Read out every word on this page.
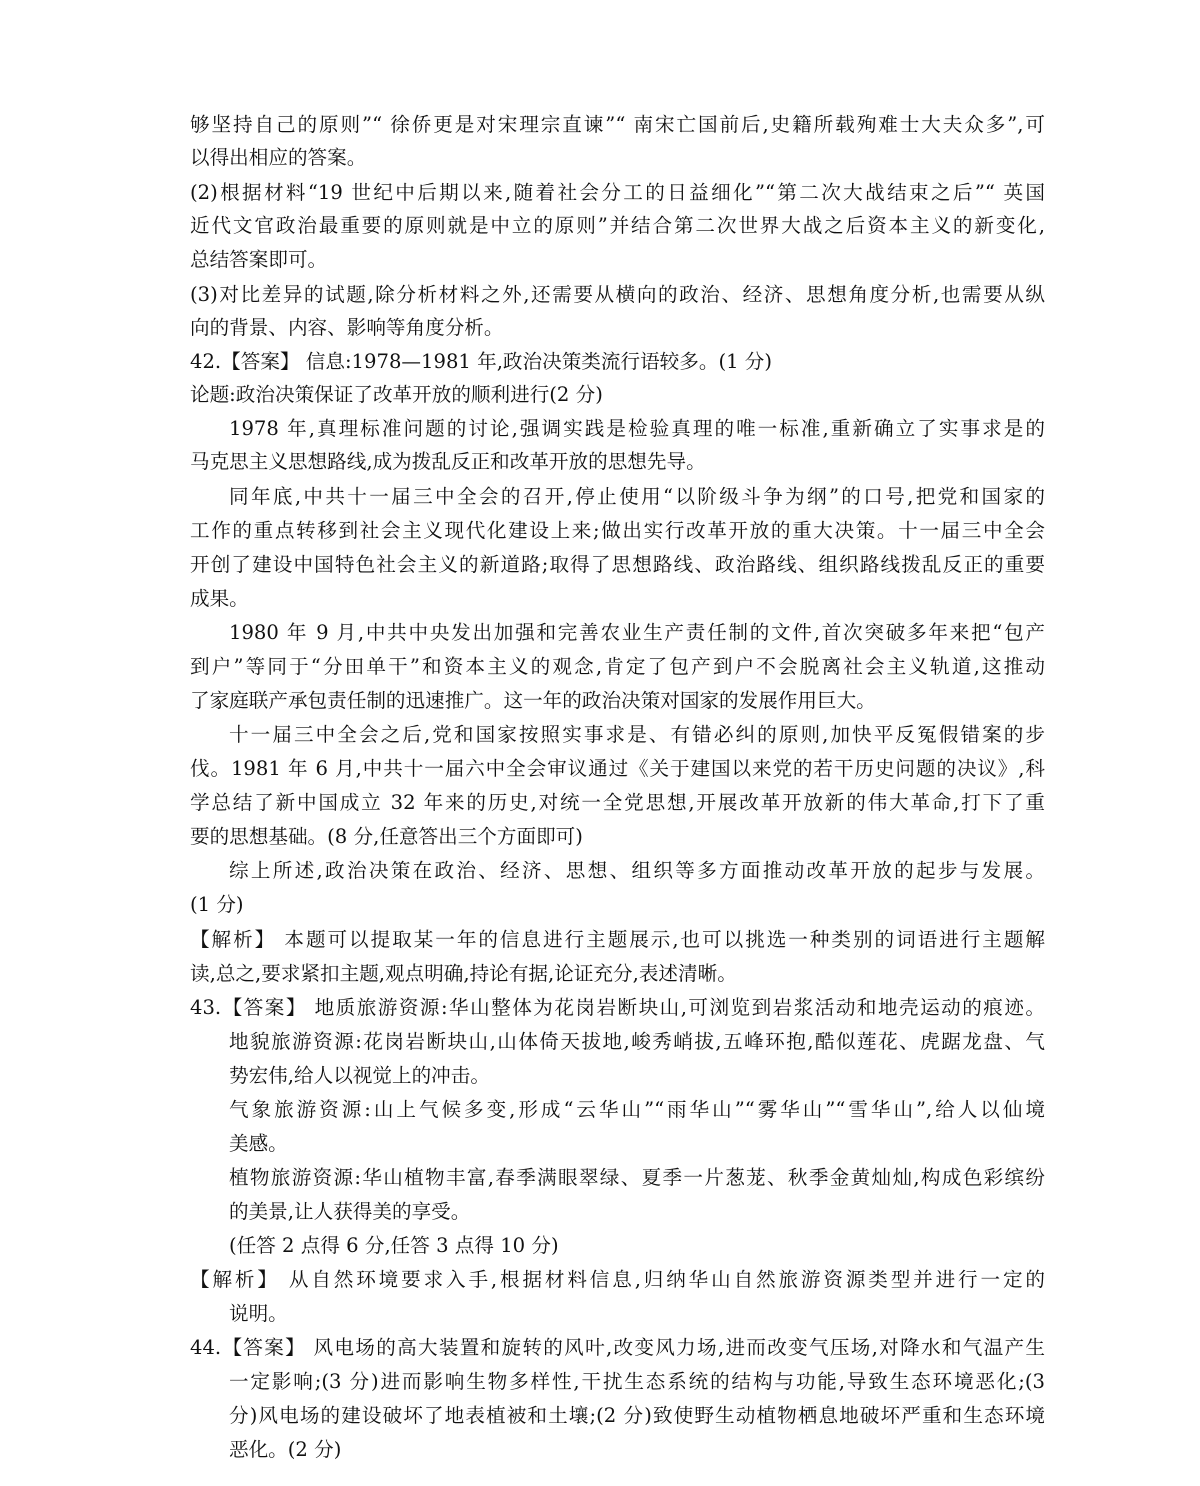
够坚持自己的原则”“ 徐侨更是对宋理宗直谏”“ 南宋亡国前后,史籍所载殉难士大夫众多”,可
以得出相应的答案。
(2)根据材料“19 世纪中后期以来,随着社会分工的日益细化”“第二次大战结束之后”“ 英国
近代文官政治最重要的原则就是中立的原则”并结合第二次世界大战之后资本主义的新变化,
总结答案即可。
(3)对比差异的试题,除分析材料之外,还需要从横向的政治、经济、思想角度分析,也需要从纵
向的背景、内容、影响等角度分析。
42.【答案】 信息:1978—1981 年,政治决策类流行语较多。(1 分)
论题:政治决策保证了改革开放的顺利进行(2 分)
1978 年,真理标准问题的讨论,强调实践是检验真理的唯一标准,重新确立了实事求是的
马克思主义思想路线,成为拨乱反正和改革开放的思想先导。
同年底,中共十一届三中全会的召开,停止使用“以阶级斗争为纲”的口号,把党和国家的
工作的重点转移到社会主义现代化建设上来;做出实行改革开放的重大决策。十一届三中全会
开创了建设中国特色社会主义的新道路;取得了思想路线、政治路线、组织路线拨乱反正的重要
成果。
1980 年 9 月,中共中央发出加强和完善农业生产责任制的文件,首次突破多年来把“包产
到户”等同于“分田单干”和资本主义的观念,肯定了包产到户不会脱离社会主义轨道,这推动
了家庭联产承包责任制的迅速推广。这一年的政治决策对国家的发展作用巨大。
十一届三中全会之后,党和国家按照实事求是、有错必纠的原则,加快平反冤假错案的步
伐。1981 年 6 月,中共十一届六中全会审议通过《关于建国以来党的若干历史问题的决议》,科
学总结了新中国成立 32 年来的历史,对统一全党思想,开展改革开放新的伟大革命,打下了重
要的思想基础。(8 分,任意答出三个方面即可)
综上所述,政治决策在政治、经济、思想、组织等多方面推动改革开放的起步与发展。
(1 分)
【解析】 本题可以提取某一年的信息进行主题展示,也可以挑选一种类别的词语进行主题解
读,总之,要求紧扣主题,观点明确,持论有据,论证充分,表述清晰。
43.【答案】 地质旅游资源:华山整体为花岗岩断块山,可浏览到岩浆活动和地壳运动的痕迹。
地貌旅游资源:花岗岩断块山,山体倚天拔地,峻秀峭拔,五峰环抱,酷似莲花、虎踞龙盘、气
势宏伟,给人以视觉上的冲击。
气象旅游资源:山上气候多变,形成“云华山”“雨华山”“雾华山”“雪华山”,给人以仙境
美感。
植物旅游资源:华山植物丰富,春季满眼翠绿、夏季一片葱茏、秋季金黄灿灿,构成色彩缤纷
的美景,让人获得美的享受。
(任答 2 点得 6 分,任答 3 点得 10 分)
【解析】 从自然环境要求入手,根据材料信息,归纳华山自然旅游资源类型并进行一定的
说明。
44.【答案】 风电场的高大装置和旋转的风叶,改变风力场,进而改变气压场,对降水和气温产生
一定影响;(3 分)进而影响生物多样性,干扰生态系统的结构与功能,导致生态环境恶化;(3
分)风电场的建设破坏了地表植被和土壤;(2 分)致使野生动植物栖息地破坏严重和生态环境
恶化。(2 分)
